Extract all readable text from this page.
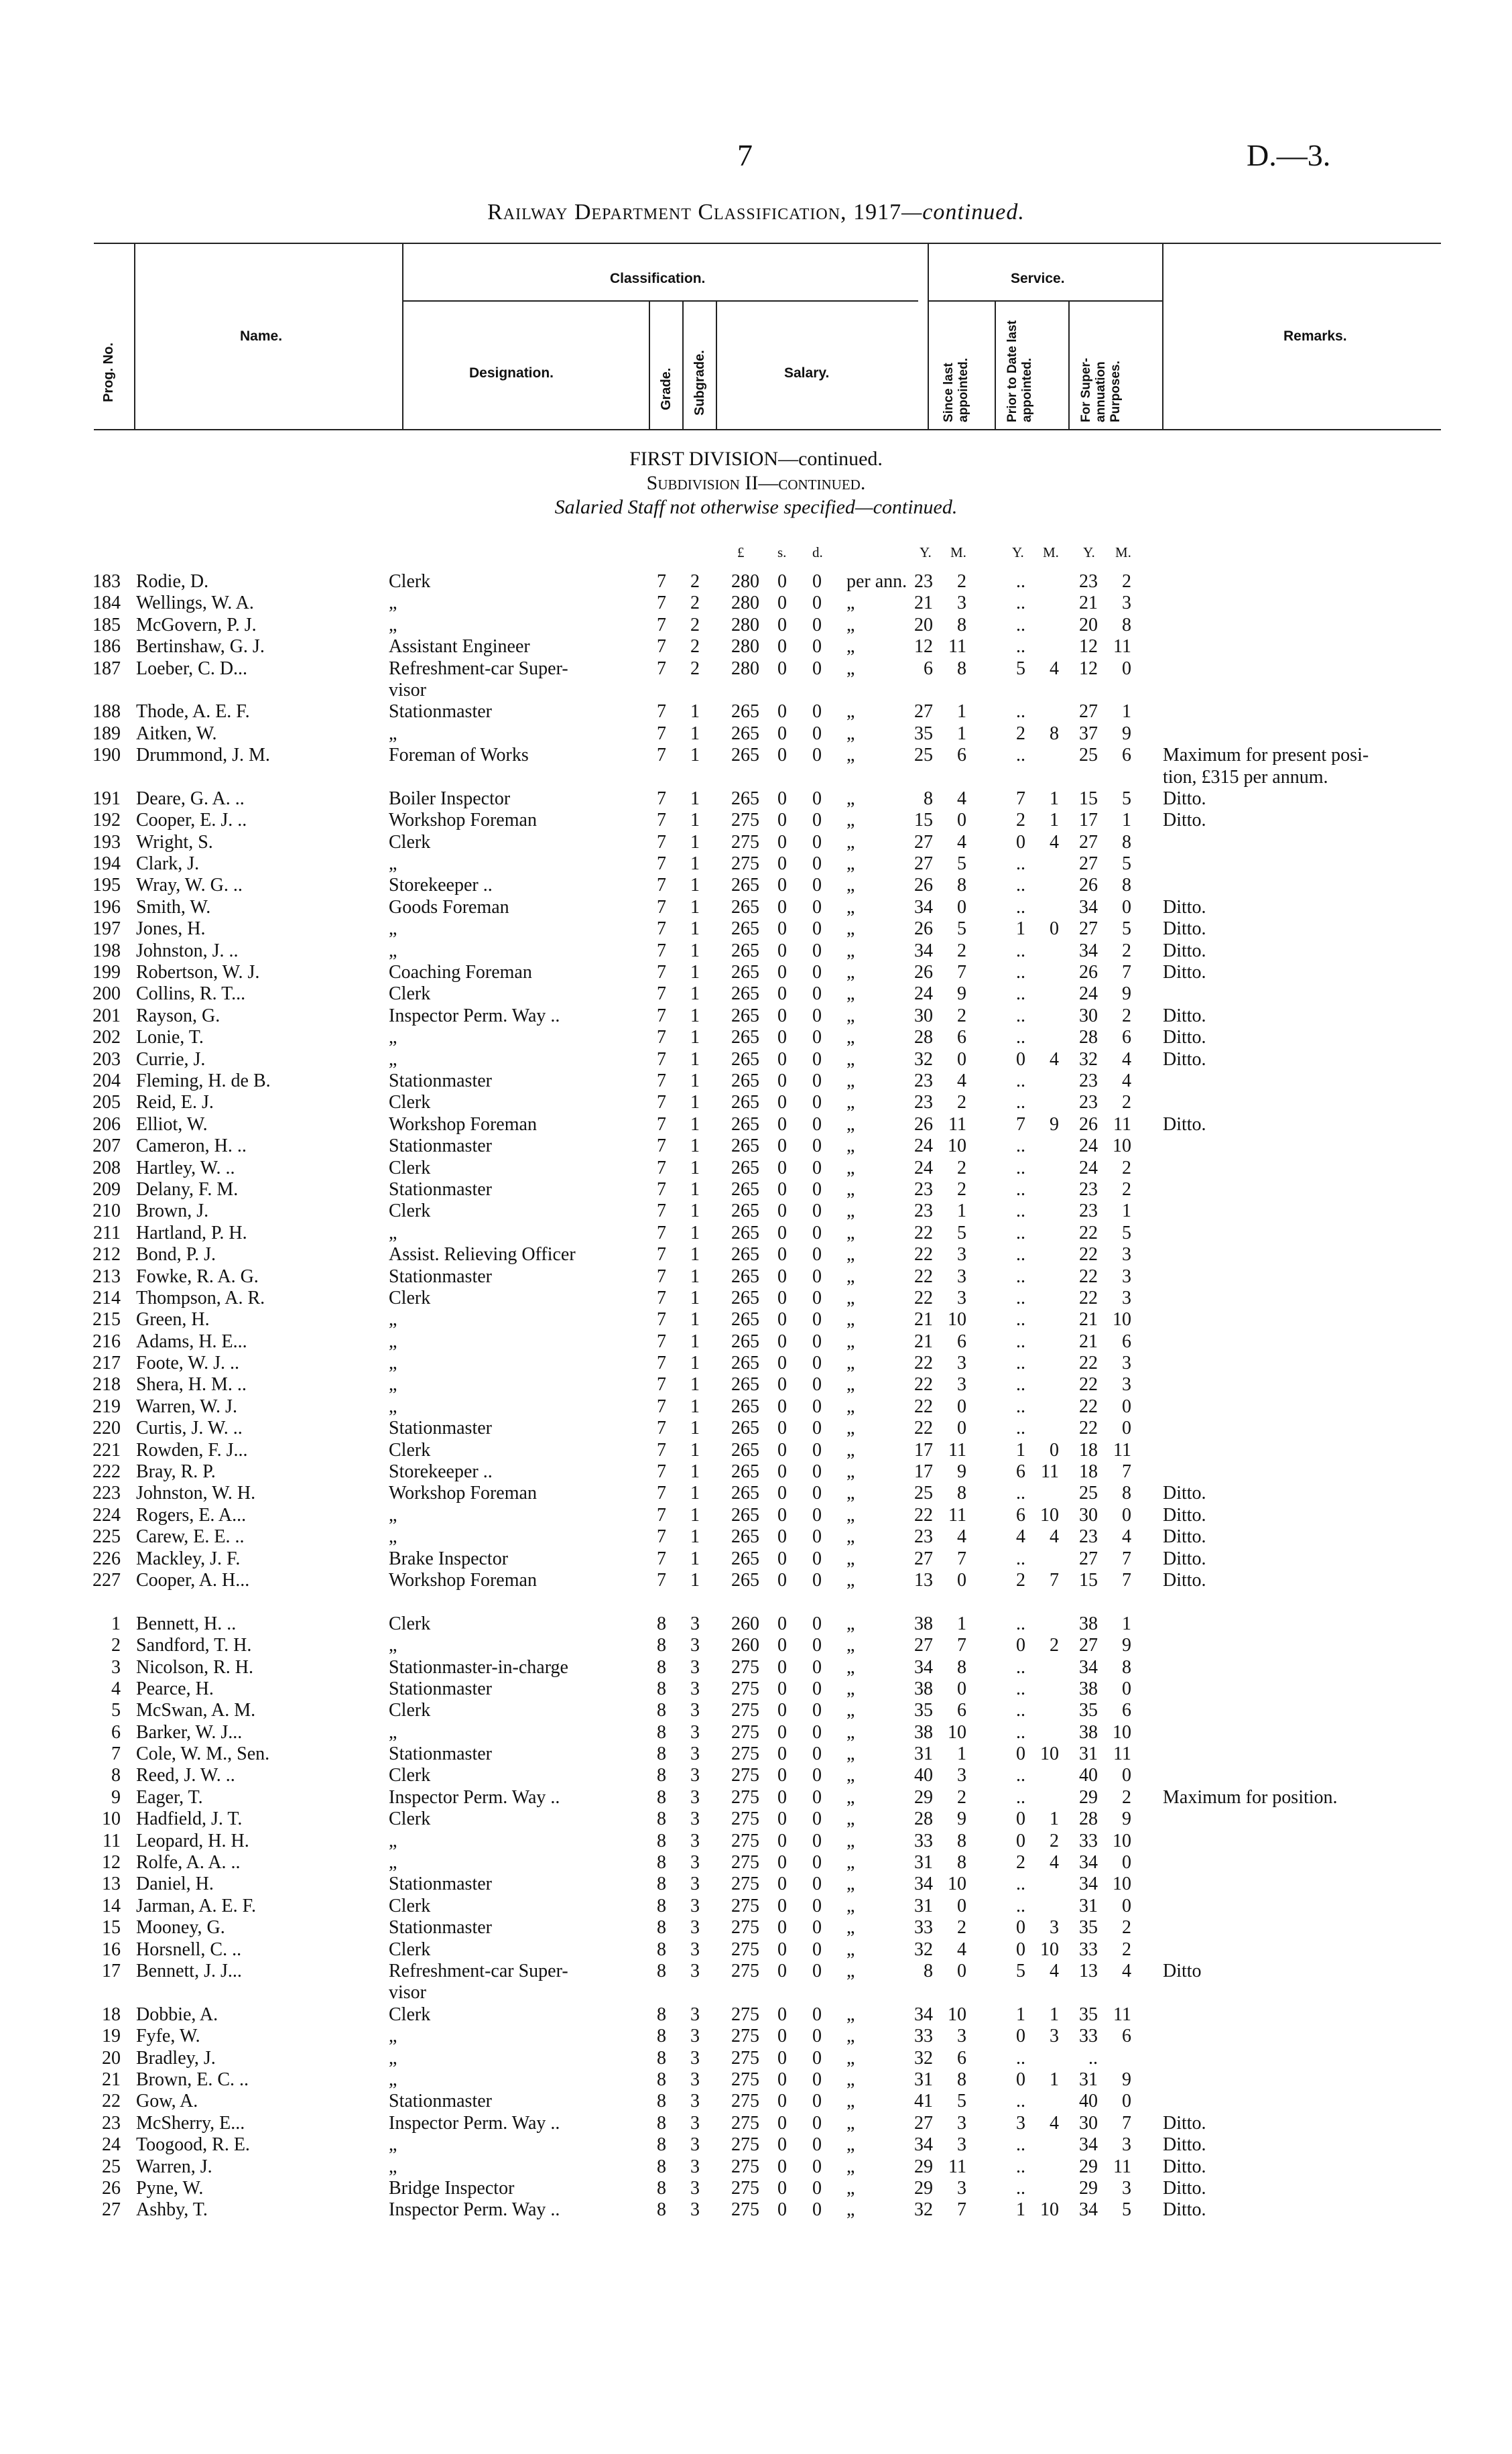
7	D.—3.
Railway Department Classification, 1917—continued.
Prog. No.
Name.
Classification.
Designation.	Grade. Subgrade.	Salary.
Service.
Since last appointed.	Prior to Date last appointed.	For Super-annuation Purposes.
Remarks.
FIRST DIVISION—continued.
Subdivision II—continued.
Salaried Staff not otherwise specified—continued.
£ s. d.	Y. M.	Y. M. Y. M.
183 Rodie, D.	Clerk	7 2	280 0 0 per ann. 23	2	..	23	2
184 Wellings, W. A.	„	7 2	280 0 0 „	21	3	..	21	3
185 McGovern, P. J.	„	7 2	280 0 0 „	20	8	..	20	8
186 Bertinshaw, G. J.	Assistant Engineer	7 2	280 0 0 „	12 11	..	12 11
187 Loeber, C. D...	Refreshment-car Super-	7 2	280 0 0 „	6	8	5	4	12	0
visor
188 Thode, A. E. F.	Stationmaster	7 1	265 0 0 „	27	1	..	27	1
189 Aitken, W.	„	7 1	265 0 0 „	35	1	2	8	37	9
190 Drummond, J. M.	Foreman of Works	7 1	265 0 0 „	25	6	..	25	6 Maximum for present posi-
tion, £315 per annum.
191 Deare, G. A. ..	Boiler Inspector	7 1	265 0 0 „	8	4	7	1	15	5 Ditto.
192 Cooper, E. J. ..	Workshop Foreman	7 1	275 0 0 „	15	0	2	1	17	1 Ditto.
193 Wright, S.	Clerk	7 1	275 0 0 „	27	4	0	4	27	8
194 Clark, J.	„	7 1	275 0 0 „	27	5	..	27	5
195 Wray, W. G. ..	Storekeeper ..	7 1	265 0 0 „	26	8	..	26	8
196 Smith, W.	Goods Foreman	7 1	265 0 0 „	34	0	..	34	0 Ditto.
197 Jones, H.	„	7 1	265 0 0 „	26	5	1	0	27	5 Ditto.
198 Johnston, J. ..	„	7 1	265 0 0 „	34	2	..	34	2 Ditto.
199 Robertson, W. J.	Coaching Foreman	7 1	265 0 0 „	26	7	..	26	7 Ditto.
200 Collins, R. T...	Clerk	7 1	265 0 0 „	24	9	..	24	9
201 Rayson, G.	Inspector Perm. Way ..	7 1	265 0 0 „	30	2	..	30	2 Ditto.
202 Lonie, T.	„	7 1	265 0 0 „	28	6	..	28	6 Ditto.
203 Currie, J.	„	7 1	265 0 0 „	32	0	0	4	32	4 Ditto.
204 Fleming, H. de B.	Stationmaster	7 1	265 0 0 „	23	4	..	23	4
205 Reid, E. J.	Clerk	7 1	265 0 0 „	23	2	..	23	2
206 Elliot, W.	Workshop Foreman	7 1	265 0 0 „	26 11	7	9	26 11 Ditto.
207 Cameron, H. ..	Stationmaster	7 1	265 0 0 „	24 10	..	24 10
208 Hartley, W. ..	Clerk	7 1	265 0 0 „	24	2	..	24	2
209 Delany, F. M.	Stationmaster	7 1	265 0 0 „	23	2	..	23	2
210 Brown, J.	Clerk	7 1	265 0 0 „	23	1	..	23	1
211 Hartland, P. H.	„	7 1	265 0 0 „	22	5	..	22	5
212 Bond, P. J.	Assist. Relieving Officer	7 1	265 0 0 „	22	3	..	22	3
213 Fowke, R. A. G.	Stationmaster	7 1	265 0 0 „	22	3	..	22	3
214 Thompson, A. R.	Clerk	7 1	265 0 0 „	22	3	..	22	3
215 Green, H.	„	7 1	265 0 0 „	21 10	..	21 10
216 Adams, H. E...	„	7 1	265 0 0 „	21	6	..	21	6
217 Foote, W. J. ..	„	7 1	265 0 0 „	22	3	..	22	3
218 Shera, H. M. ..	„	7 1	265 0 0 „	22	3	..	22	3
219 Warren, W. J.	„	7 1	265 0 0 „	22	0	..	22	0
220 Curtis, J. W. ..	Stationmaster	7 1	265 0 0 „	22	0	..	22	0
221 Rowden, F. J...	Clerk	7 1	265 0 0 „	17 11	1	0	18 11
222 Bray, R. P.	Storekeeper ..	7 1	265 0 0 „	17	9	6 11	18	7
223 Johnston, W. H.	Workshop Foreman	7 1	265 0 0 „	25	8	..	25	8 Ditto.
224 Rogers, E. A...	„	7 1	265 0 0 „	22 11	6 10	30	0 Ditto.
225 Carew, E. E. ..	„	7 1	265 0 0 „	23	4	4	4	23	4 Ditto.
226 Mackley, J. F.	Brake Inspector	7 1	265 0 0 „	27	7	..	27	7 Ditto.
227 Cooper, A. H...	Workshop Foreman	7 1	265 0 0 „	13	0	2	7	15	7 Ditto.
1 Bennett, H. ..	Clerk	8 3	260 0 0 „	38	1	..	38	1
2 Sandford, T. H.	„	8 3	260 0 0 „	27	7	0	2	27	9
3 Nicolson, R. H.	Stationmaster-in-charge	8 3	275 0 0 „	34	8	..	34	8
4 Pearce, H.	Stationmaster	8 3	275 0 0 „	38	0	..	38	0
5 McSwan, A. M.	Clerk	8 3	275 0 0 „	35	6	..	35	6
6 Barker, W. J...	„	8 3	275 0 0 „	38 10	..	38 10
7 Cole, W. M., Sen.	Stationmaster	8 3	275 0 0 „	31	1	0 10	31 11
8 Reed, J. W. ..	Clerk	8 3	275 0 0 „	40	3	..	40	0
9 Eager, T.	Inspector Perm. Way ..	8 3	275 0 0 „	29	2	..	29	2 Maximum for position.
10 Hadfield, J. T.	Clerk	8 3	275 0 0 „	28	9	0	1	28	9
11 Leopard, H. H.	„	8 3	275 0 0 „	33	8	0	2	33 10
12 Rolfe, A. A. ..	„	8 3	275 0 0 „	31	8	2	4	34	0
13 Daniel, H.	Stationmaster	8 3	275 0 0 „	34 10	..	34 10
14 Jarman, A. E. F.	Clerk	8 3	275 0 0 „	31	0	..	31	0
15 Mooney, G.	Stationmaster	8 3	275 0 0 „	33	2	0	3	35	2
16 Horsnell, C. ..	Clerk	8 3	275 0 0 „	32	4	0 10	33	2
17 Bennett, J. J...	Refreshment-car Super-	8 3	275 0 0 „	8	0	5	4	13	4 Ditto
visor
18 Dobbie, A.	Clerk	8 3	275 0 0 „	34 10	1	1	35 11
19 Fyfe, W.	„	8 3	275 0 0 „	33	3	0	3	33	6
20 Bradley, J.	„	8 3	275 0 0 „	32	6	..	..
21 Brown, E. C. ..	„	8 3	275 0 0 „	31	8	0	1	31	9
22 Gow, A.	Stationmaster	8 3	275 0 0 „	41	5	..	40	0
23 McSherry, E...	Inspector Perm. Way ..	8 3	275 0 0 „	27	3	3	4	30	7 Ditto.
24 Toogood, R. E.	„	8 3	275 0 0 „	34	3	..	34	3 Ditto.
25 Warren, J.	„	8 3	275 0 0 „	29 11	..	29 11 Ditto.
26 Pyne, W.	Bridge Inspector	8 3	275 0 0 „	29	3	..	29	3 Ditto.
27 Ashby, T.	Inspector Perm. Way ..	8 3	275 0 0 „	32	7	1 10	34	5 Ditto.
